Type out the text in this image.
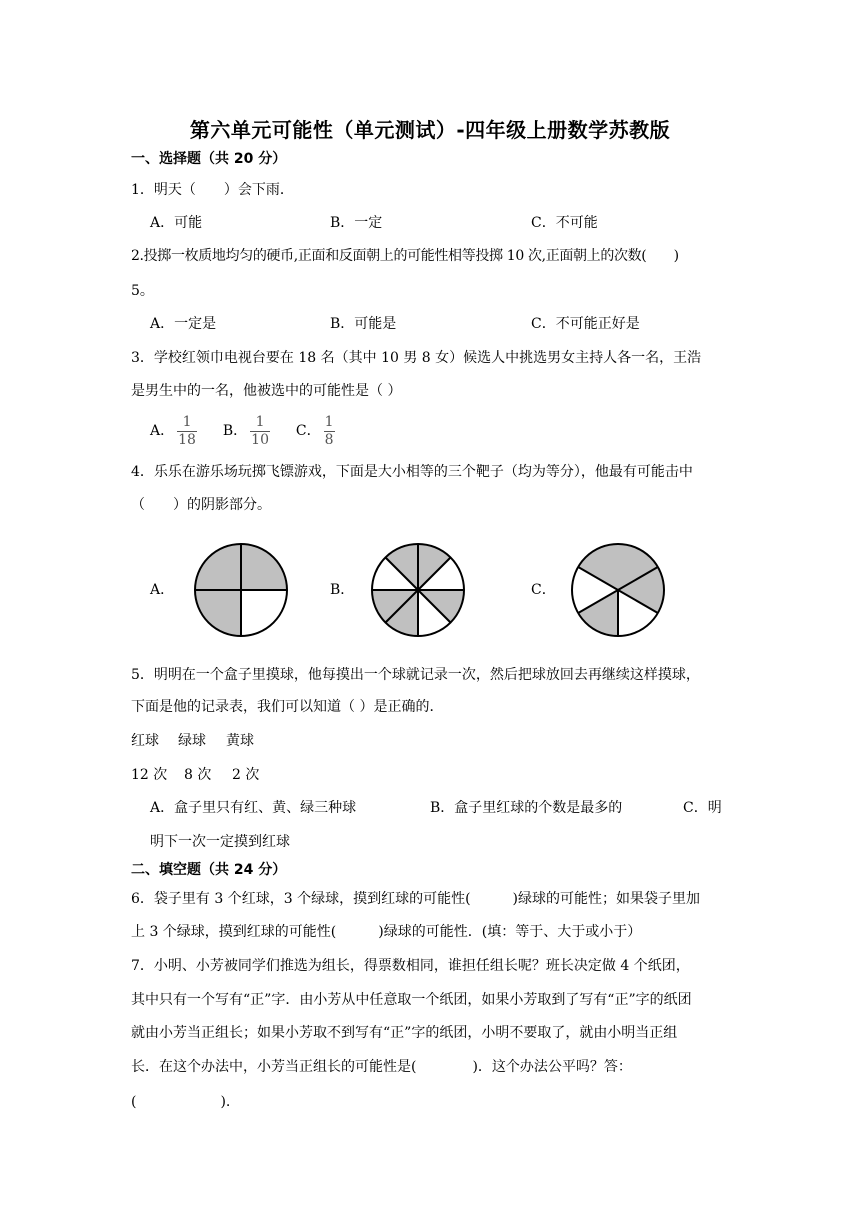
第六单元可能性（单元测试）-四年级上册数学苏教版
一、选择题（共 20 分）
1．明天（　　）会下雨．
A．可能	B．一定	C．不可能
2.投掷一枚质地均匀的硬币,正面和反面朝上的可能性相等投掷 10 次,正面朝上的次数(　　)
5。
A．一定是	B．可能是	C．不可能正好是
3．学校红领巾电视台要在 18 名（其中 10 男 8 女）候选人中挑选男女主持人各一名，王浩
是男生中的一名，他被选中的可能性是（ ）
A． $\frac{1}{18}$ B． $\frac{1}{10}$ C． $\frac{1}{8}$
4．乐乐在游乐场玩掷飞镖游戏，下面是大小相等的三个靶子（均为等分），他最有可能击中
（　　）的阴影部分。
A．	B．	C．
5．明明在一个盒子里摸球，他每摸出一个球就记录一次，然后把球放回去再继续这样摸球，
下面是他的记录表，我们可以知道（ ）是正确的．
红球 绿球 黄球
12 次 8 次 2 次
A．盒子里只有红、黄、绿三种球	B．盒子里红球的个数是最多的	C．明
明下一次一定摸到红球
二、填空题（共 24 分）
6．袋子里有 3 个红球，3 个绿球，摸到红球的可能性(　　　)绿球的可能性；如果袋子里加
上 3 个绿球，摸到红球的可能性(　　　)绿球的可能性．(填：等于、大于或小于）
7．小明、小芳被同学们推选为组长，得票数相同，谁担任组长呢？班长决定做 4 个纸团，
其中只有一个写有“正”字．由小芳从中任意取一个纸团，如果小芳取到了写有“正”字的纸团
就由小芳当正组长；如果小芳取不到写有“正”字的纸团，小明不要取了，就由小明当正组
长．在这个办法中，小芳当正组长的可能性是(　　　　)．这个办法公平吗？答：
(　　　　　　).
